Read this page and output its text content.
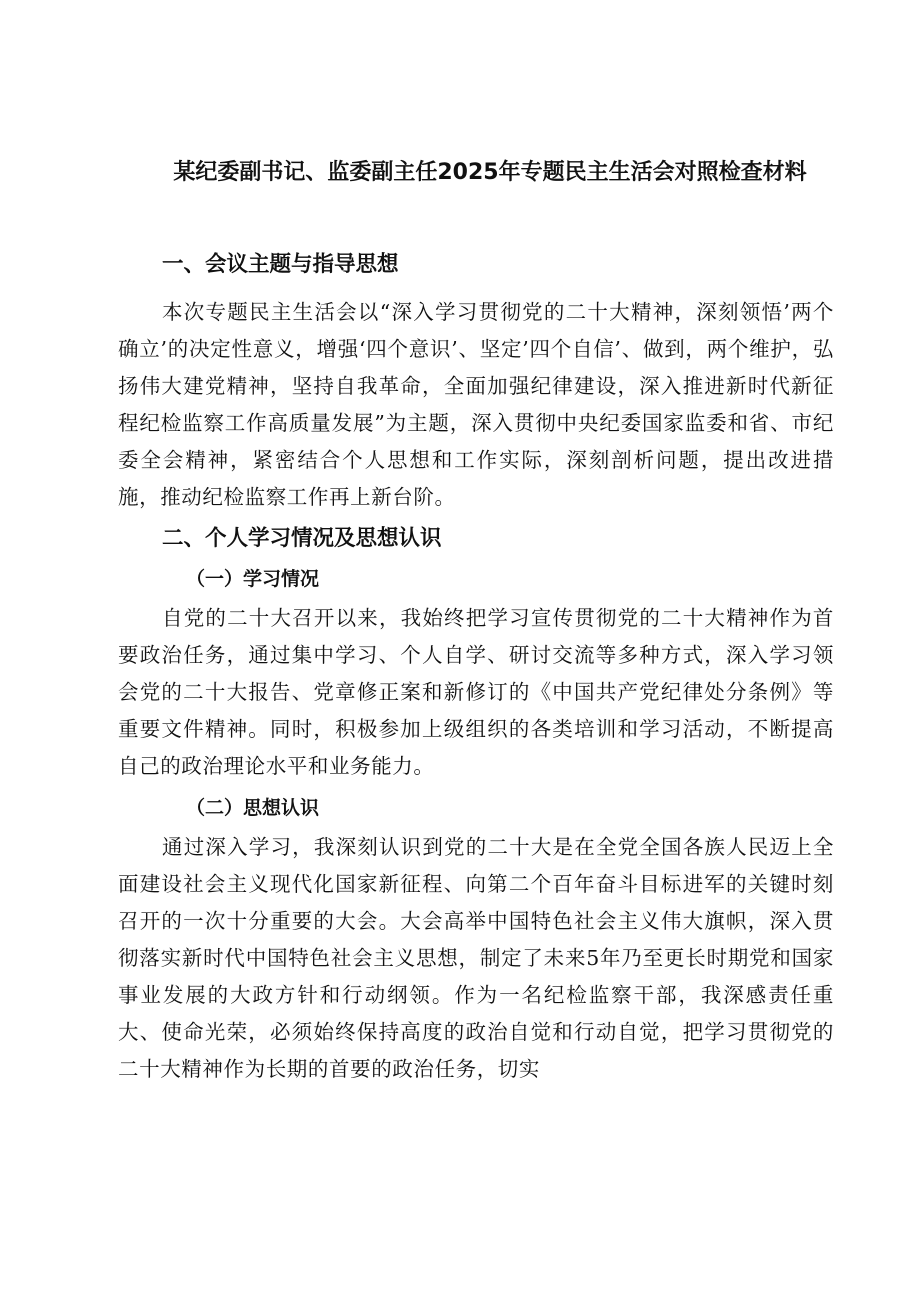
某纪委副书记、监委副主任2025年专题民主生活会对照检查材料
一、会议主题与指导思想

本次专题民主生活会以“深入学习贯彻党的二十大精神，深刻领悟’两个确立’的决定性意义，增强‘四个意识’、坚定’四个自信’、做到，两个维护，弘扬伟大建党精神，坚持自我革命，全面加强纪律建设，深入推进新时代新征程纪检监察工作高质量发展”为主题，深入贯彻中央纪委国家监委和省、市纪委全会精神，紧密结合个人思想和工作实际，深刻剖析问题，提出改进措施，推动纪检监察工作再上新台阶。

二、个人学习情况及思想认识
（一）学习情况

自党的二十大召开以来，我始终把学习宣传贯彻党的二十大精神作为首要政治任务，通过集中学习、个人自学、研讨交流等多种方式，深入学习领会党的二十大报告、党章修正案和新修订的《中国共产党纪律处分条例》等重要文件精神。同时，积极参加上级组织的各类培训和学习活动，不断提高自己的政治理论水平和业务能力。

（二）思想认识

通过深入学习，我深刻认识到党的二十大是在全党全国各族人民迈上全面建设社会主义现代化国家新征程、向第二个百年奋斗目标进军的关键时刻召开的一次十分重要的大会。大会高举中国特色社会主义伟大旗帜，深入贯彻落实新时代中国特色社会主义思想，制定了未来5年乃至更长时期党和国家事业发展的大政方针和行动纲领。作为一名纪检监察干部，我深感责任重大、使命光荣，必须始终保持高度的政治自觉和行动自觉，把学习贯彻党的二十大精神作为长期的首要的政治任务，切实
